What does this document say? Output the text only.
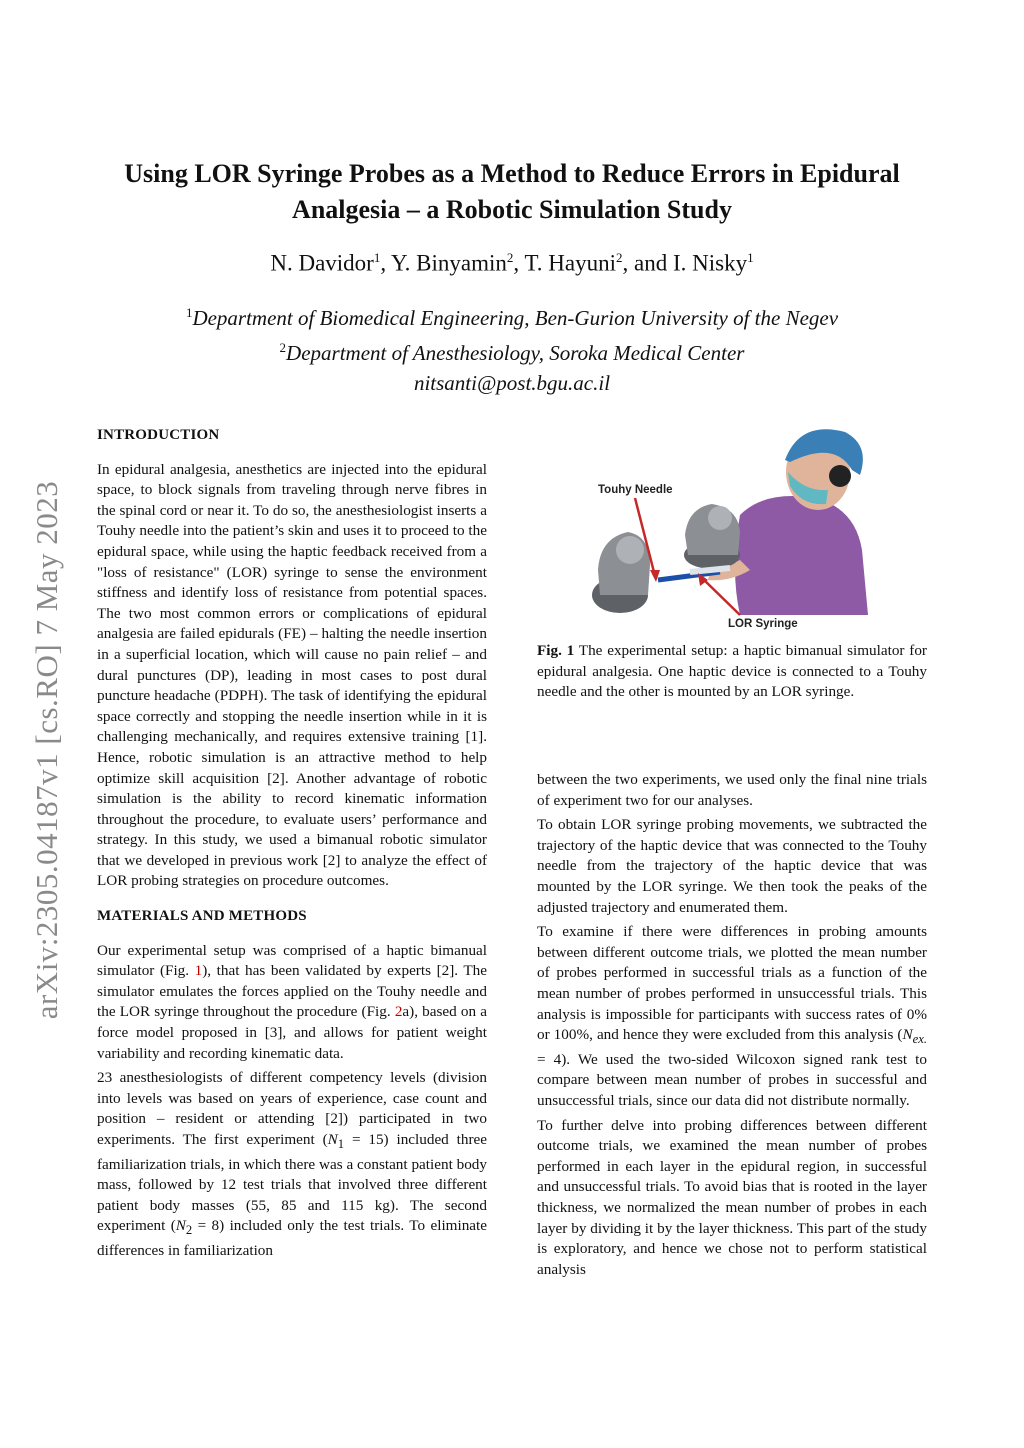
arXiv:2305.04187v1 [cs.RO] 7 May 2023
Using LOR Syringe Probes as a Method to Reduce Errors in Epidural Analgesia – a Robotic Simulation Study
N. Davidor$^1$, Y. Binyamin$^2$, T. Hayuni$^2$, and I. Nisky$^1$
$^1$Department of Biomedical Engineering, Ben-Gurion University of the Negev
$^2$Department of Anesthesiology, Soroka Medical Center
nitsanti@post.bgu.ac.il

INTRODUCTION

In epidural analgesia, anesthetics are injected into the epidural space, to block signals from traveling through nerve fibres in the spinal cord or near it. To do so, the anesthesiologist inserts a Touhy needle into the patient’s skin and uses it to proceed to the epidural space, while using the haptic feedback received from a "loss of resistance" (LOR) syringe to sense the environment stiffness and identify loss of resistance from potential spaces. The two most common errors or complications of epidural analgesia are failed epidurals (FE) – halting the needle insertion in a superficial location, which will cause no pain relief – and dural punctures (DP), leading in most cases to post dural puncture headache (PDPH). The task of identifying the epidural space correctly and stopping the needle insertion while in it is challenging mechanically, and requires extensive training [1]. Hence, robotic simulation is an attractive method to help optimize skill acquisition [2]. Another advantage of robotic simulation is the ability to record kinematic information throughout the procedure, to evaluate users’ performance and strategy. In this study, we used a bimanual robotic simulator that we developed in previous work [2] to analyze the effect of LOR probing strategies on procedure outcomes.

MATERIALS AND METHODS

Our experimental setup was comprised of a haptic bimanual simulator (Fig. 1), that has been validated by experts [2]. The simulator emulates the forces applied on the Touhy needle and the LOR syringe throughout the procedure (Fig. 2a), based on a force model proposed in [3], and allows for patient weight variability and recording kinematic data.

23 anesthesiologists of different competency levels (division into levels was based on years of experience, case count and position – resident or attending [2]) participated in two experiments. The first experiment $(N_1 = 15)$ included three familiarization trials, in which there was a constant patient body mass, followed by 12 test trials that involved three different patient body masses (55, 85 and 115 kg). The second experiment $(N_2 = 8)$ included only the test trials. To eliminate differences in familiarization

Touhy Needle
LOR Syringe
Fig. 1 The experimental setup: a haptic bimanual simulator for epidural analgesia. One haptic device is connected to a Touhy needle and the other is mounted by an LOR syringe.

between the two experiments, we used only the final nine trials of experiment two for our analyses.

To obtain LOR syringe probing movements, we subtracted the trajectory of the haptic device that was connected to the Touhy needle from the trajectory of the haptic device that was mounted by the LOR syringe. We then took the peaks of the adjusted trajectory and enumerated them.

To examine if there were differences in probing amounts between different outcome trials, we plotted the mean number of probes performed in successful trials as a function of the mean number of probes performed in unsuccessful trials. This analysis is impossible for participants with success rates of 0% or 100%, and hence they were excluded from this analysis $(N_{ex.} = 4)$. We used the two-sided Wilcoxon signed rank test to compare between mean number of probes in successful and unsuccessful trials, since our data did not distribute normally.

To further delve into probing differences between different outcome trials, we examined the mean number of probes performed in each layer in the epidural region, in successful and unsuccessful trials. To avoid bias that is rooted in the layer thickness, we normalized the mean number of probes in each layer by dividing it by the layer thickness. This part of the study is exploratory, and hence we chose not to perform statistical analysis
